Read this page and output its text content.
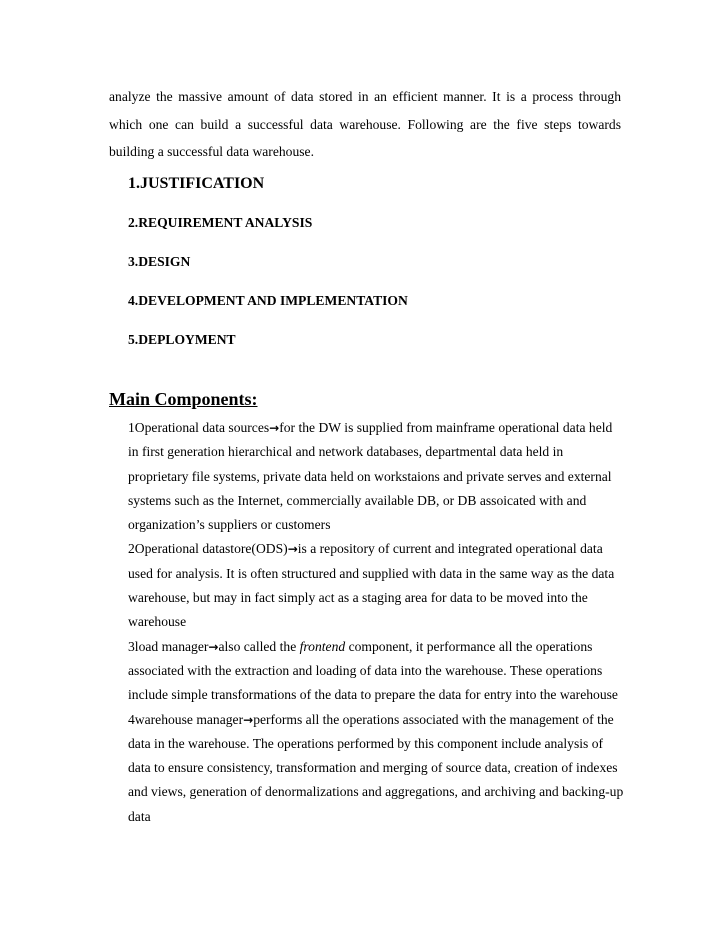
analyze the massive amount of data stored in an efficient manner. It is a process through which one can build a successful data warehouse. Following are the five steps towards building a successful data warehouse.

1.JUSTIFICATION
2.REQUIREMENT ANALYSIS
3.DESIGN
4.DEVELOPMENT AND IMPLEMENTATION
5.DEPLOYMENT
Main Components:

1Operational data sources→for the DW is supplied from mainframe operational data held in first generation hierarchical and network databases, departmental data held in proprietary file systems, private data held on workstaions and private serves and external systems such as the Internet, commercially available DB, or DB assoicated with and organization’s suppliers or customers

2Operational datastore(ODS)→is a repository of current and integrated operational data used for analysis. It is often structured and supplied with data in the same way as the data warehouse, but may in fact simply act as a staging area for data to be moved into the warehouse

3load manager→also called the frontend component, it performance all the operations associated with the extraction and loading of data into the warehouse. These operations include simple transformations of the data to prepare the data for entry into the warehouse

4warehouse manager→performs all the operations associated with the management of the data in the warehouse. The operations performed by this component include analysis of data to ensure consistency, transformation and merging of source data, creation of indexes and views, generation of denormalizations and aggregations, and archiving and backing-up data
